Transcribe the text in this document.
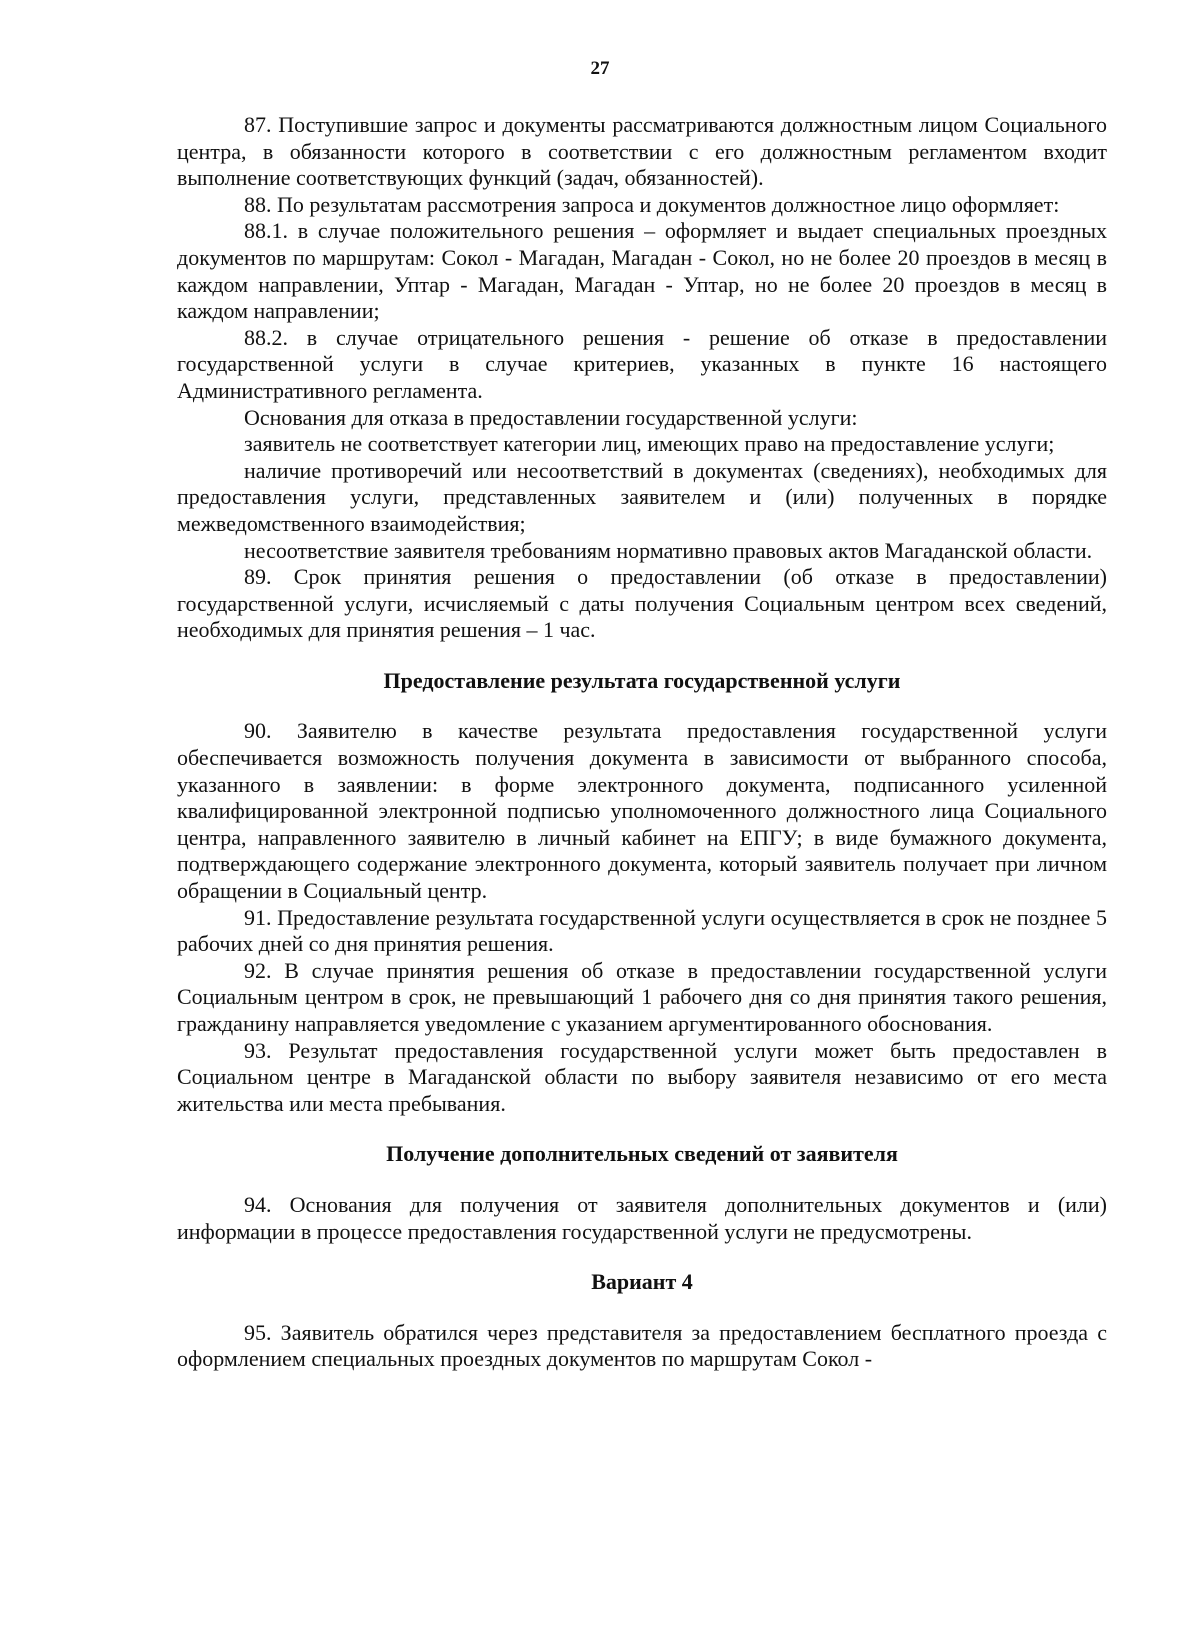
27

87. Поступившие запрос и документы рассматриваются должностным лицом Социального центра, в обязанности которого в соответствии с его должностным регламентом входит выполнение соответствующих функций (задач, обязанностей).

88. По результатам рассмотрения запроса и документов должностное лицо оформляет:

88.1. в случае положительного решения – оформляет и выдает специальных проездных документов по маршрутам: Сокол - Магадан, Магадан - Сокол, но не более 20 проездов в месяц в каждом направлении, Уптар - Магадан, Магадан - Уптар, но не более 20 проездов в месяц в каждом направлении;

88.2. в случае отрицательного решения - решение об отказе в предоставлении государственной услуги в случае критериев, указанных в пункте 16 настоящего Административного регламента.

Основания для отказа в предоставлении государственной услуги:

заявитель не соответствует категории лиц, имеющих право на предоставление услуги;

наличие противоречий или несоответствий в документах (сведениях), необходимых для предоставления услуги, представленных заявителем и (или) полученных в порядке межведомственного взаимодействия;

несоответствие заявителя требованиям нормативно правовых актов Магаданской области.

89. Срок принятия решения о предоставлении (об отказе в предоставлении) государственной услуги, исчисляемый с даты получения Социальным центром всех сведений, необходимых для принятия решения – 1 час.

Предоставление результата государственной услуги

90. Заявителю в качестве результата предоставления государственной услуги обеспечивается возможность получения документа в зависимости от выбранного способа, указанного в заявлении: в форме электронного документа, подписанного усиленной квалифицированной электронной подписью уполномоченного должностного лица Социального центра, направленного заявителю в личный кабинет на ЕПГУ; в виде бумажного документа, подтверждающего содержание электронного документа, который заявитель получает при личном обращении в Социальный центр.

91. Предоставление результата государственной услуги осуществляется в срок не позднее 5 рабочих дней со дня принятия решения.

92. В случае принятия решения об отказе в предоставлении государственной услуги Социальным центром в срок, не превышающий 1 рабочего дня со дня принятия такого решения, гражданину направляется уведомление с указанием аргументированного обоснования.

93. Результат предоставления государственной услуги может быть предоставлен в Социальном центре в Магаданской области по выбору заявителя независимо от его места жительства или места пребывания.

Получение дополнительных сведений от заявителя

94. Основания для получения от заявителя дополнительных документов и (или) информации в процессе предоставления государственной услуги не предусмотрены.

Вариант 4

95. Заявитель обратился через представителя за предоставлением бесплатного проезда с оформлением специальных проездных документов по маршрутам Сокол -
